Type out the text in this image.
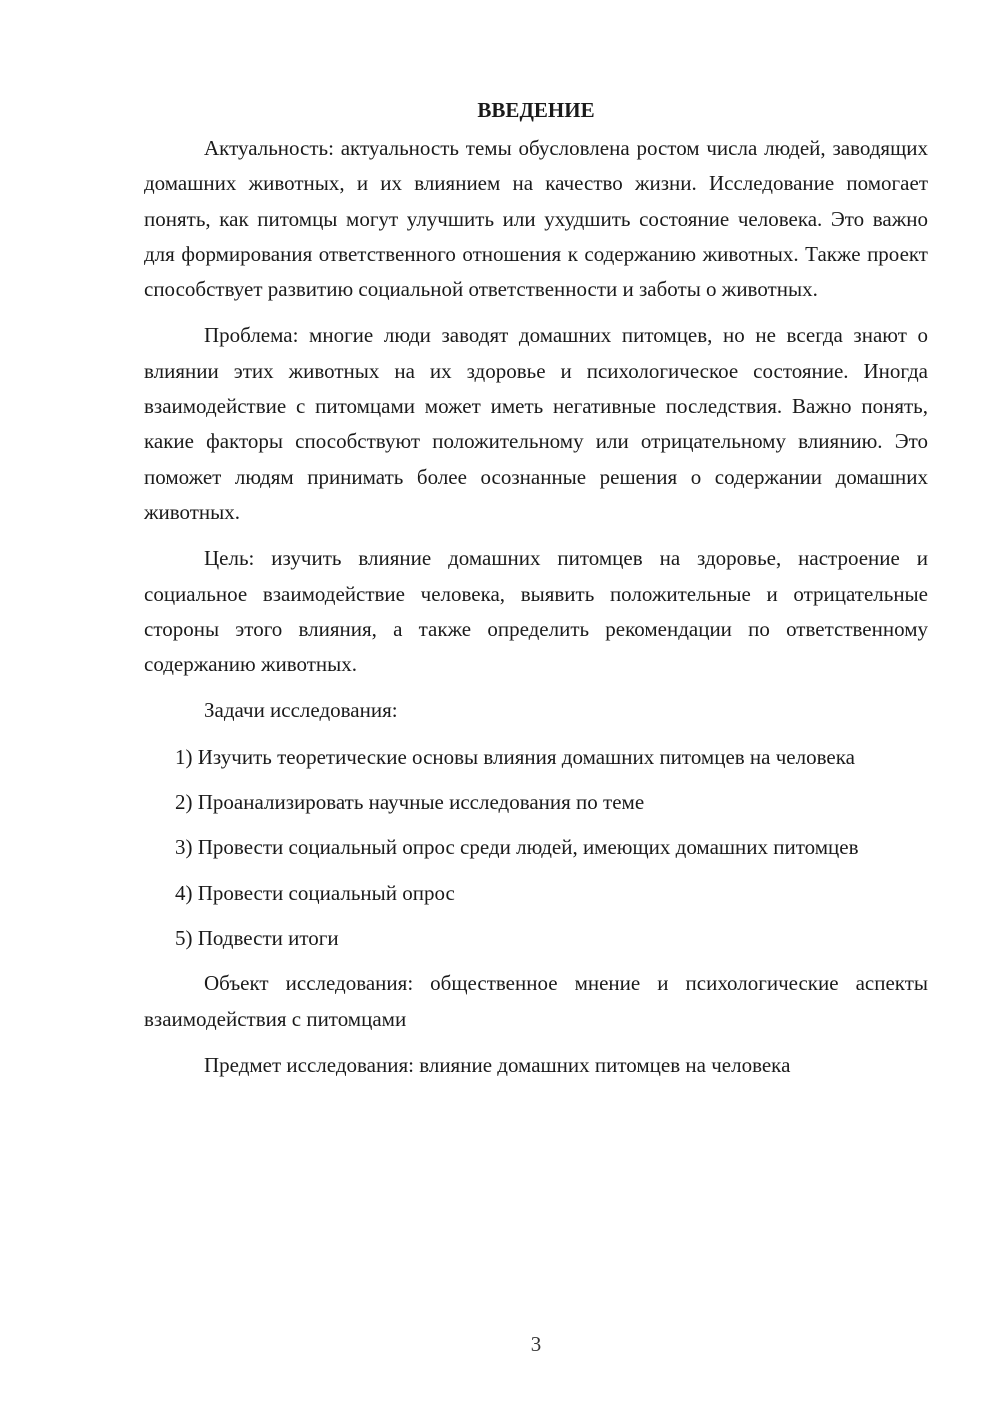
ВВЕДЕНИЕ

Актуальность: актуальность темы обусловлена ростом числа людей, заводящих домашних животных, и их влиянием на качество жизни. Исследование помогает понять, как питомцы могут улучшить или ухудшить состояние человека. Это важно для формирования ответственного отношения к содержанию животных. Также проект способствует развитию социальной ответственности и заботы о животных.

Проблема: многие люди заводят домашних питомцев, но не всегда знают о влиянии этих животных на их здоровье и психологическое состояние. Иногда взаимодействие с питомцами может иметь негативные последствия. Важно понять, какие факторы способствуют положительному или отрицательному влиянию. Это поможет людям принимать более осознанные решения о содержании домашних животных.

Цель: изучить влияние домашних питомцев на здоровье, настроение и социальное взаимодействие человека, выявить положительные и отрицательные стороны этого влияния, а также определить рекомендации по ответственному содержанию животных.

Задачи исследования:

1) Изучить теоретические основы влияния домашних питомцев на человека

2) Проанализировать научные исследования по теме

3) Провести социальный опрос среди людей, имеющих домашних питомцев

4) Провести социальный опрос

5) Подвести итоги

Объект исследования: общественное мнение и психологические аспекты взаимодействия с питомцами

Предмет исследования: влияние домашних питомцев на человека

3
